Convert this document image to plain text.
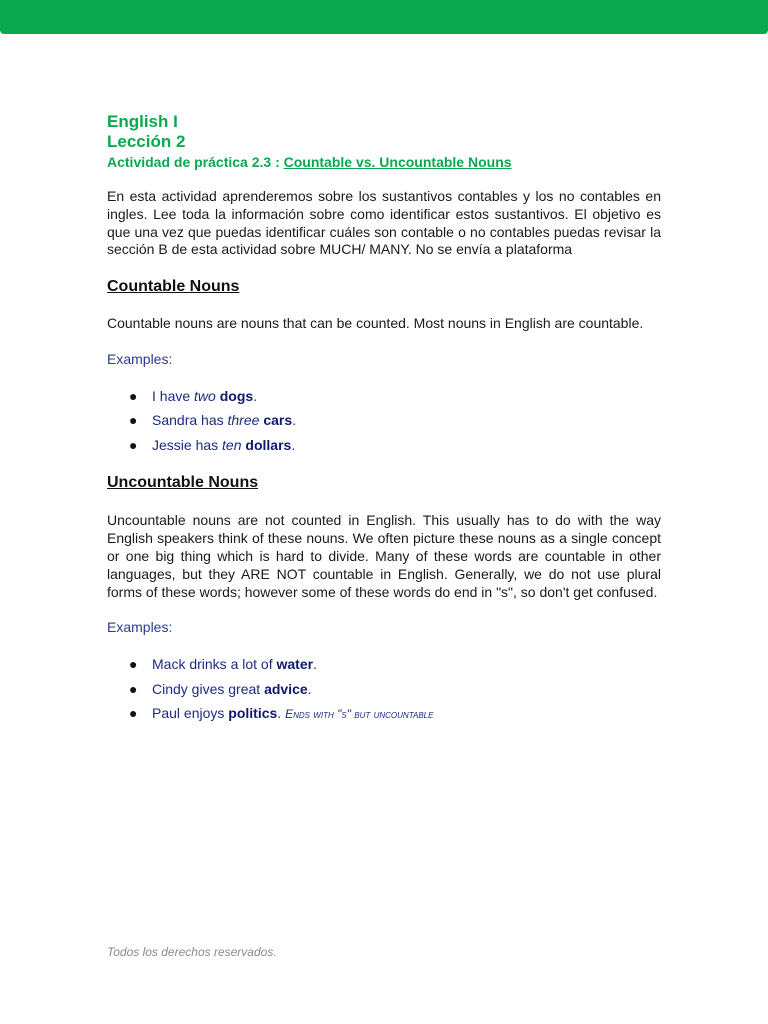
English I
Lección 2
Actividad de práctica 2.3 : Countable vs. Uncountable Nouns

En esta actividad aprenderemos sobre los sustantivos contables y los no contables en ingles. Lee toda la información sobre como identificar estos sustantivos. El objetivo es que una vez que puedas identificar cuáles son contable o no contables puedas revisar la sección B de esta actividad sobre MUCH/ MANY. No se envía a plataforma

Countable Nouns

Countable nouns are nouns that can be counted. Most nouns in English are countable.

Examples:
● I have two dogs.
● Sandra has three cars.
● Jessie has ten dollars.
Uncountable Nouns

Uncountable nouns are not counted in English. This usually has to do with the way English speakers think of these nouns. We often picture these nouns as a single concept or one big thing which is hard to divide. Many of these words are countable in other languages, but they ARE NOT countable in English. Generally, we do not use plural forms of these words; however some of these words do end in "s", so don't get confused.

Examples:
● Mack drinks a lot of water.
● Cindy gives great advice.
● Paul enjoys politics. Ends with "s" but uncountable
Todos los derechos reservados.
